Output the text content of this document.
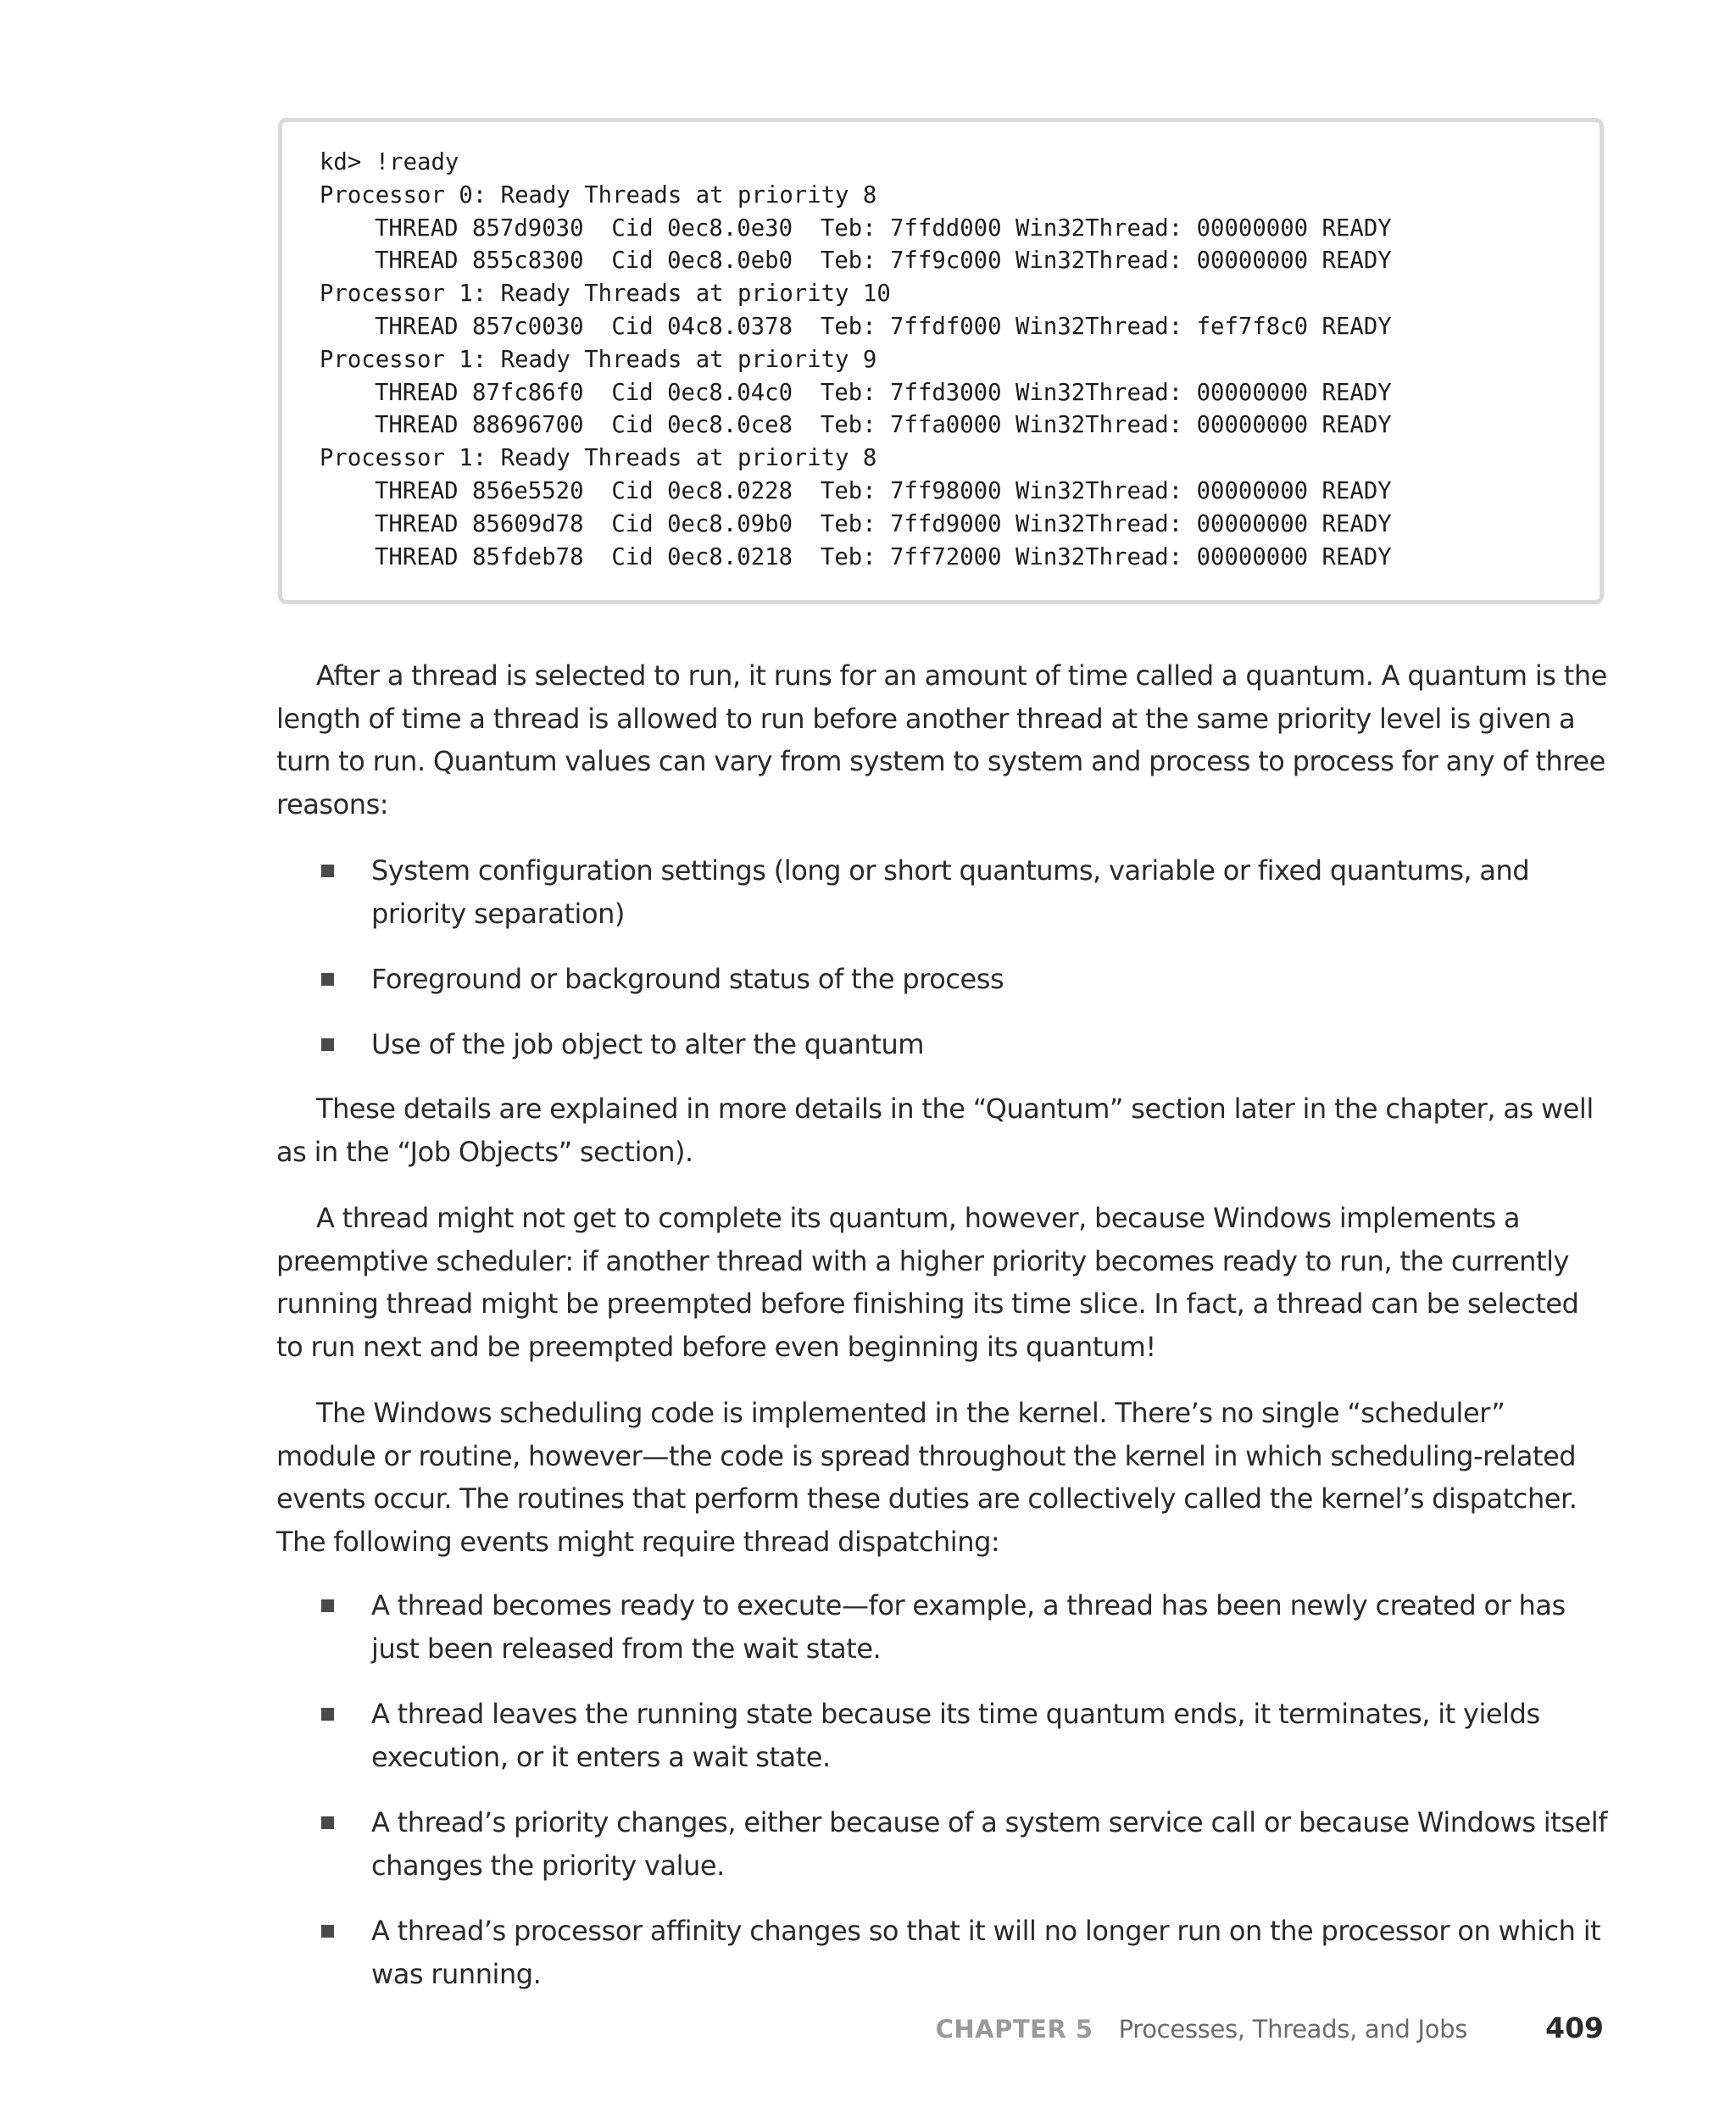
kd> !ready
Processor 0: Ready Threads at priority 8
THREAD 857d9030  Cid 0ec8.0e30  Teb: 7ffdd000 Win32Thread: 00000000 READY
THREAD 855c8300  Cid 0ec8.0eb0  Teb: 7ff9c000 Win32Thread: 00000000 READY
Processor 1: Ready Threads at priority 10
THREAD 857c0030  Cid 04c8.0378  Teb: 7ffdf000 Win32Thread: fef7f8c0 READY
Processor 1: Ready Threads at priority 9
THREAD 87fc86f0  Cid 0ec8.04c0  Teb: 7ffd3000 Win32Thread: 00000000 READY
THREAD 88696700  Cid 0ec8.0ce8  Teb: 7ffa0000 Win32Thread: 00000000 READY
Processor 1: Ready Threads at priority 8
THREAD 856e5520  Cid 0ec8.0228  Teb: 7ff98000 Win32Thread: 00000000 READY
THREAD 85609d78  Cid 0ec8.09b0  Teb: 7ffd9000 Win32Thread: 00000000 READY
THREAD 85fdeb78  Cid 0ec8.0218  Teb: 7ff72000 Win32Thread: 00000000 READY

After a thread is selected to run, it runs for an amount of time called a quantum. A quantum is the length of time a thread is allowed to run before another thread at the same priority level is given a turn to run. Quantum values can vary from system to system and process to process for any of three reasons:

System configuration settings (long or short quantums, variable or fixed quantums, and priority separation)

Foreground or background status of the process

Use of the job object to alter the quantum

These details are explained in more details in the “Quantum” section later in the chapter, as well as in the “Job Objects” section).

A thread might not get to complete its quantum, however, because Windows implements a preemptive scheduler: if another thread with a higher priority becomes ready to run, the currently running thread might be preempted before finishing its time slice. In fact, a thread can be selected to run next and be preempted before even beginning its quantum!

The Windows scheduling code is implemented in the kernel. There’s no single “scheduler” module or routine, however—the code is spread throughout the kernel in which scheduling-related events occur. The routines that perform these duties are collectively called the kernel’s dispatcher. The following events might require thread dispatching:

A thread becomes ready to execute—for example, a thread has been newly created or has just been released from the wait state.

A thread leaves the running state because its time quantum ends, it terminates, it yields execution, or it enters a wait state.

A thread’s priority changes, either because of a system service call or because Windows itself changes the priority value.

A thread’s processor affinity changes so that it will no longer run on the processor on which it was running.

CHAPTER 5 Processes, Threads, and Jobs	409
